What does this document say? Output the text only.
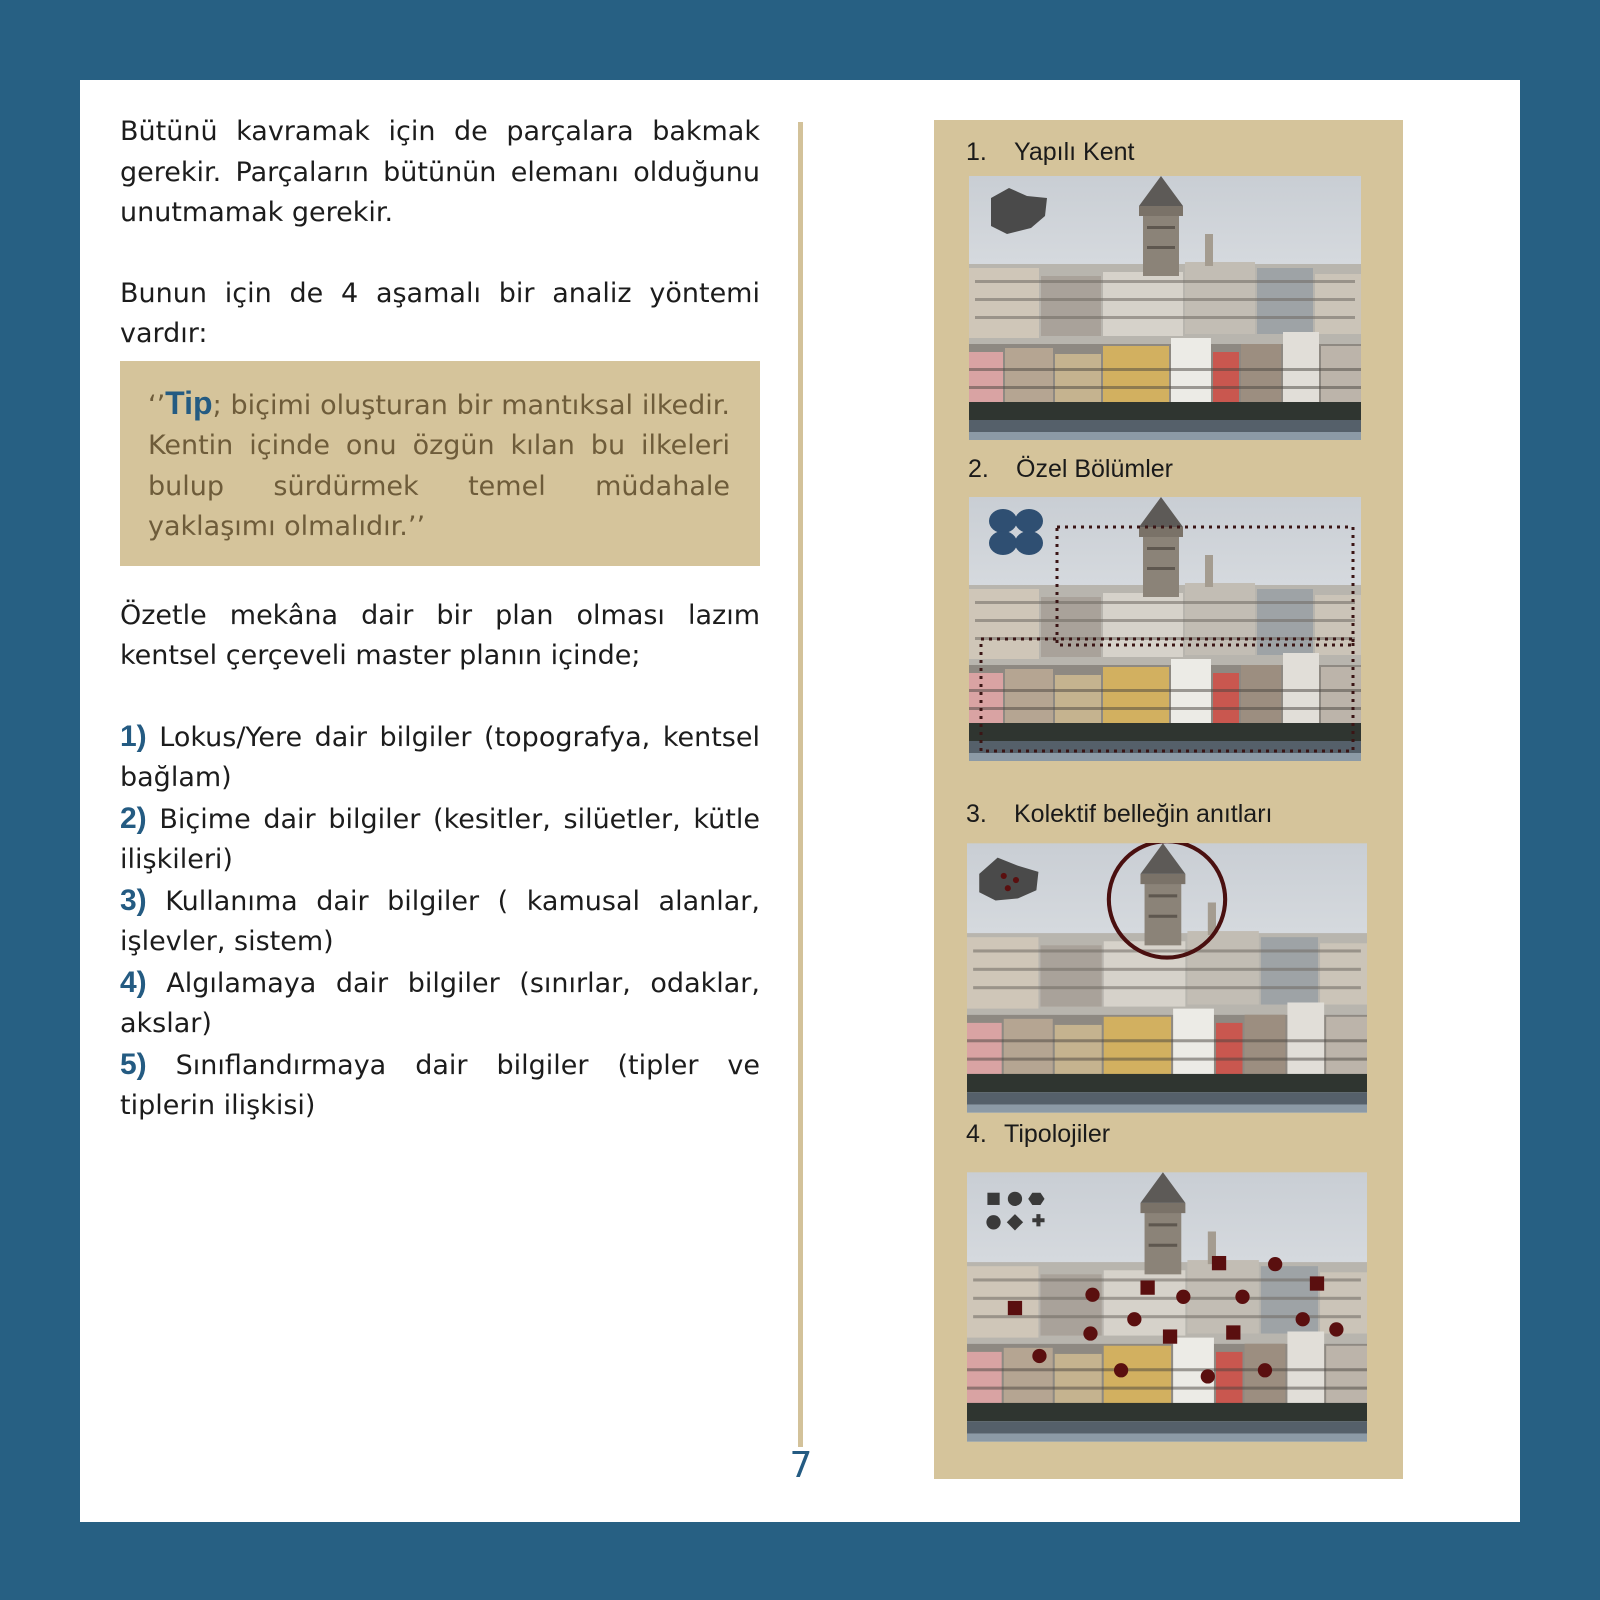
Bütünü kavramak için de parçalara bakmak gerekir. Parçaların bütünün elemanı olduğunu unutmamak gerekir.

Bunun için de 4 aşamalı bir analiz yöntemi vardır:

‘’Tip; biçimi oluşturan bir mantıksal ilkedir. Kentin içinde onu özgün kılan bu ilkeleri bulup sürdürmek temel müdahale yaklaşımı olmalıdır.’’

Özetle mekâna dair bir plan olması lazım kentsel çerçeveli master planın içinde;

1) Lokus/Yere dair bilgiler (topografya, kentsel bağlam)
2) Biçime dair bilgiler (kesitler, silüetler, kütle ilişkileri)
3) Kullanıma dair bilgiler ( kamusal alanlar, işlevler, sistem)
4) Algılamaya dair bilgiler (sınırlar, odaklar, akslar)
5) Sınıflandırmaya dair bilgiler (tipler ve tiplerin ilişkisi)
7
1. Yapılı Kent
2. Özel Bölümler
3. Kolektif belleğin anıtları
4. Tipolojiler
